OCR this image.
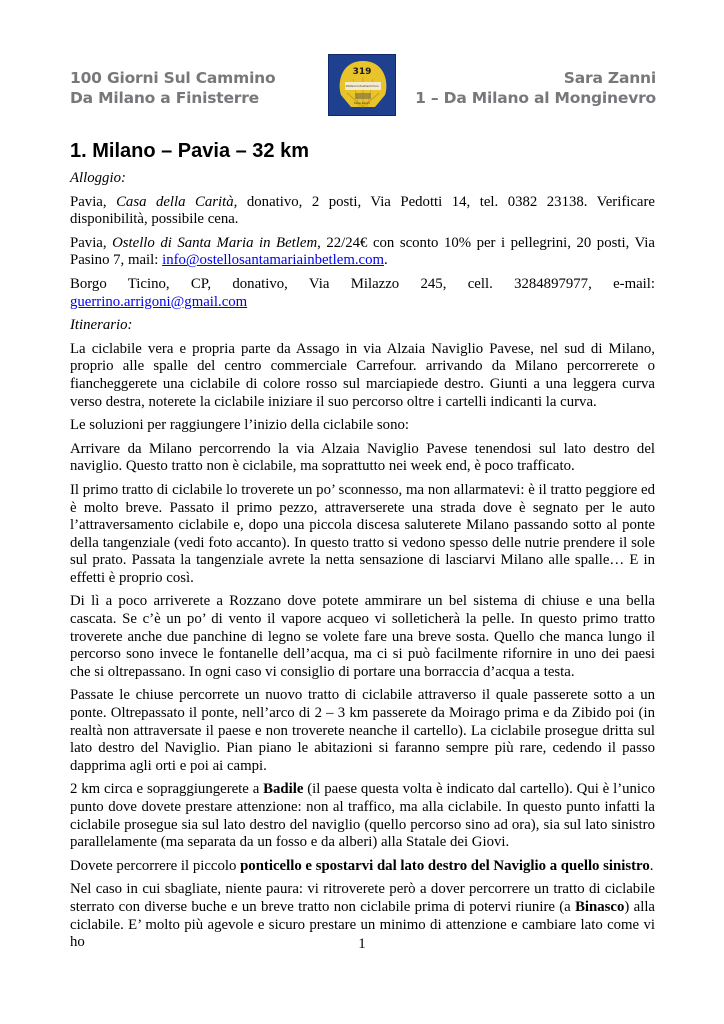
100 Giorni Sul Cammino
Da Milano a Finisterre
319
100GiorniSulCammino
Sara Zanni
Sara Zanni
1 – Da Milano al Monginevro
1. Milano – Pavia – 32 km

Alloggio:

Pavia, Casa della Carità, donativo, 2 posti, Via Pedotti 14, tel. 0382 23138. Verificare disponibilità, possibile cena.

Pavia, Ostello di Santa Maria in Betlem, 22/24€ con sconto 10% per i pellegrini, 20 posti, Via Pasino 7, mail: info@ostellosantamariainbetlem.com.

Borgo Ticino, CP, donativo, Via Milazzo 245, cell. 3284897977, e-mail:
guerrino.arrigoni@gmail.com

Itinerario:

La ciclabile vera e propria parte da Assago in via Alzaia Naviglio Pavese, nel sud di Milano, proprio alle spalle del centro commerciale Carrefour. arrivando da Milano percorrerete o fiancheggerete una ciclabile di colore rosso sul marciapiede destro. Giunti a una leggera curva verso destra, noterete la ciclabile iniziare il suo percorso oltre i cartelli indicanti la curva.

Le soluzioni per raggiungere l’inizio della ciclabile sono:

Arrivare da Milano percorrendo la via Alzaia Naviglio Pavese tenendosi sul lato destro del naviglio. Questo tratto non è ciclabile, ma soprattutto nei week end, è poco trafficato.

Il primo tratto di ciclabile lo troverete un po’ sconnesso, ma non allarmatevi: è il tratto peggiore ed è molto breve. Passato il primo pezzo, attraverserete una strada dove è segnato per le auto l’attraversamento ciclabile e, dopo una piccola discesa saluterete Milano passando sotto al ponte della tangenziale (vedi foto accanto). In questo tratto si vedono spesso delle nutrie prendere il sole sul prato. Passata la tangenziale avrete la netta sensazione di lasciarvi Milano alle spalle… E in effetti è proprio così.

Di lì a poco arriverete a Rozzano dove potete ammirare un bel sistema di chiuse e una bella cascata. Se c’è un po’ di vento il vapore acqueo vi solleticherà la pelle. In questo primo tratto troverete anche due panchine di legno se volete fare una breve sosta. Quello che manca lungo il percorso sono invece le fontanelle dell’acqua, ma ci si può facilmente rifornire in uno dei paesi che si oltrepassano. In ogni caso vi consiglio di portare una borraccia d’acqua a testa.

Passate le chiuse percorrete un nuovo tratto di ciclabile attraverso il quale passerete sotto a un ponte. Oltrepassato il ponte, nell’arco di 2 – 3 km passerete da Moirago prima e da Zibido poi (in realtà non attraversate il paese e non troverete neanche il cartello). La ciclabile prosegue dritta sul lato destro del Naviglio. Pian piano le abitazioni si faranno sempre più rare, cedendo il passo dapprima agli orti e poi ai campi.

2 km circa e sopraggiungerete a Badile (il paese questa volta è indicato dal cartello). Qui è l’unico punto dove dovete prestare attenzione: non al traffico, ma alla ciclabile. In questo punto infatti la ciclabile prosegue sia sul lato destro del naviglio (quello percorso sino ad ora), sia sul lato sinistro parallelamente (ma separata da un fosso e da alberi) alla Statale dei Giovi.

Dovete percorrere il piccolo ponticello e spostarvi dal lato destro del Naviglio a quello sinistro.

Nel caso in cui sbagliate, niente paura: vi ritroverete però a dover percorrere un tratto di ciclabile sterrato con diverse buche e un breve tratto non ciclabile prima di potervi riunire (a Binasco) alla ciclabile. E’ molto più agevole e sicuro prestare un minimo di attenzione e cambiare lato come vi ho	1
